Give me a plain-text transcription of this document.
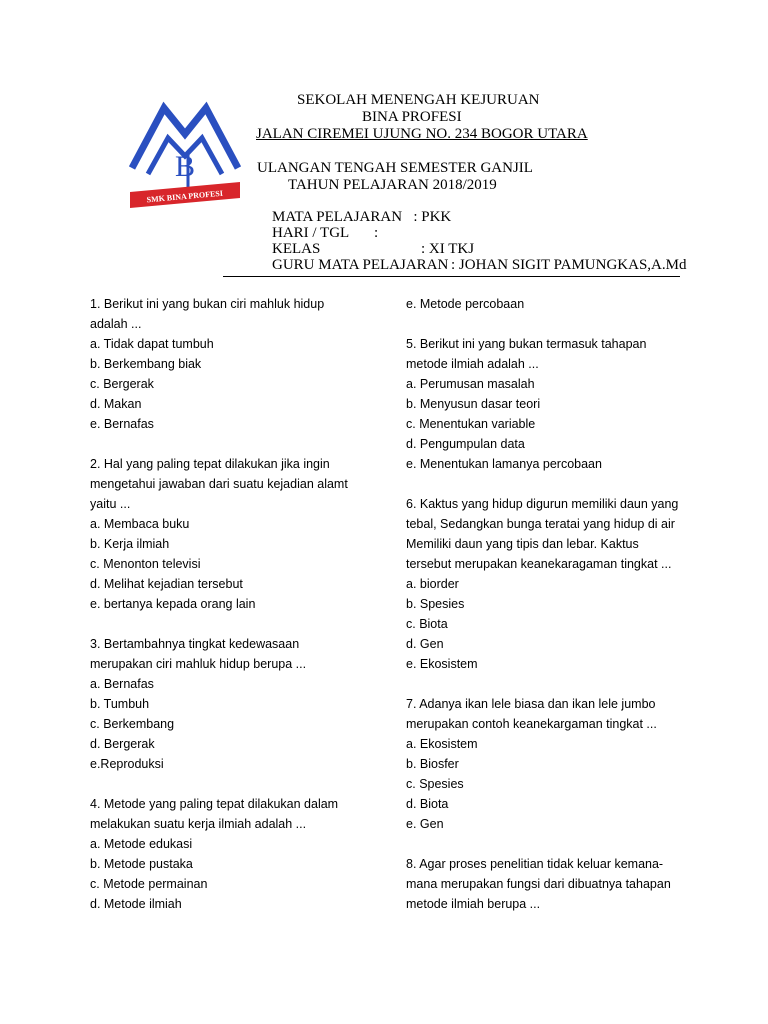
B
SMK BINA PROFESI
SEKOLAH MENENGAH KEJURUAN
BINA PROFESI
JALAN CIREMEI UJUNG NO. 234 BOGOR UTARA
ULANGAN TENGAH SEMESTER GANJIL
TAHUN PELAJARAN 2018/2019
MATA PELAJARAN   : PKK
HARI / TGL :
KELAS	: XI TKJ
GURU MATA PELAJARAN : JOHAN SIGIT PAMUNGKAS,A.Md
1. Berikut ini yang bukan ciri mahluk hidup adalah ...
a. Tidak dapat tumbuh
b. Berkembang biak
c. Bergerak
d. Makan
e. Bernafas
2. Hal yang paling tepat dilakukan jika ingin mengetahui jawaban dari suatu kejadian alamt yaitu ...
a. Membaca buku
b. Kerja ilmiah
c. Menonton televisi
d. Melihat kejadian tersebut
e. bertanya kepada orang lain
3. Bertambahnya tingkat kedewasaan merupakan ciri mahluk hidup berupa ...
a. Bernafas
b. Tumbuh
c. Berkembang
d. Bergerak
e.Reproduksi
4. Metode yang paling tepat dilakukan dalam melakukan suatu kerja ilmiah adalah ...
a. Metode edukasi
b. Metode pustaka
c. Metode permainan
d. Metode ilmiah
e. Metode percobaan
5. Berikut ini yang bukan termasuk tahapan metode ilmiah adalah ...
a. Perumusan masalah
b. Menyusun dasar teori
c. Menentukan variable
d. Pengumpulan data
e. Menentukan lamanya percobaan
6. Kaktus yang hidup digurun memiliki daun yang tebal, Sedangkan bunga teratai yang hidup di air Memiliki daun yang tipis dan lebar. Kaktus tersebut merupakan keanekaragaman tingkat ...
a. biorder
b. Spesies
c. Biota
d. Gen
e. Ekosistem
7. Adanya ikan lele biasa dan ikan lele jumbo merupakan contoh keanekargaman tingkat ...
a. Ekosistem
b. Biosfer
c. Spesies
d. Biota
e. Gen
8. Agar proses penelitian tidak keluar kemana-mana merupakan fungsi dari dibuatnya tahapan metode ilmiah berupa ...
